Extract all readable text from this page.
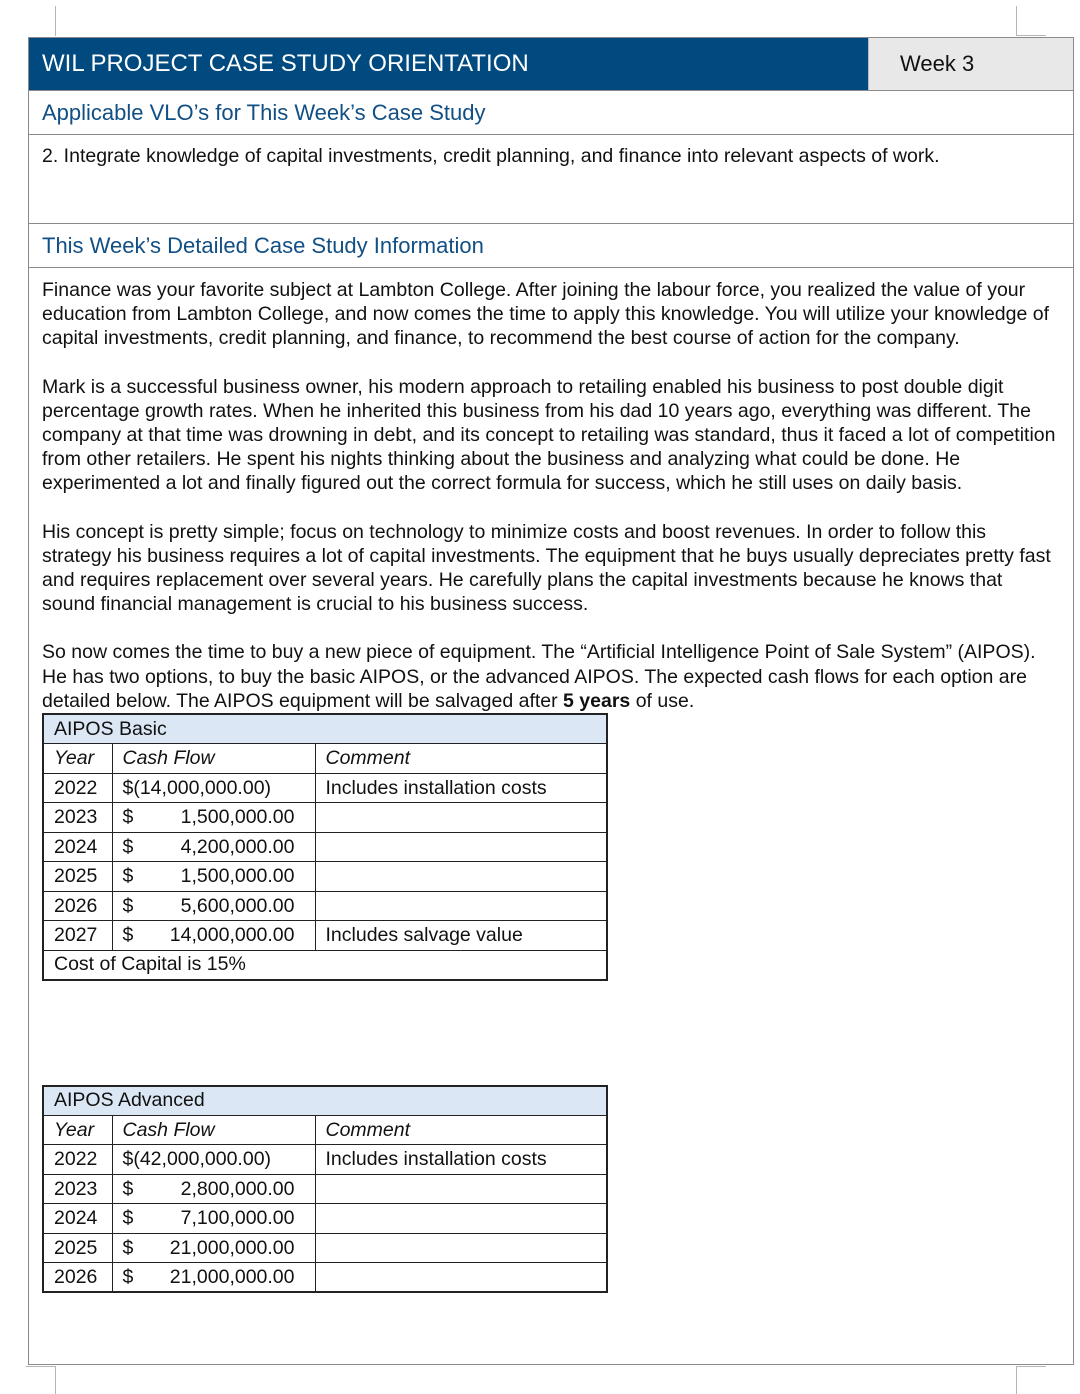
WIL PROJECT CASE STUDY ORIENTATION	Week 3
Applicable VLO’s for This Week’s Case Study
2. Integrate knowledge of capital investments, credit planning, and finance into relevant aspects of work.
This Week’s Detailed Case Study Information

Finance was your favorite subject at Lambton College. After joining the labour force, you realized the value of your education from Lambton College, and now comes the time to apply this knowledge. You will utilize your knowledge of capital investments, credit planning, and finance, to recommend the best course of action for the company.

Mark is a successful business owner, his modern approach to retailing enabled his business to post double digit percentage growth rates. When he inherited this business from his dad 10 years ago, everything was different. The company at that time was drowning in debt, and its concept to retailing was standard, thus it faced a lot of competition from other retailers. He spent his nights thinking about the business and analyzing what could be done. He experimented a lot and finally figured out the correct formula for success, which he still uses on daily basis.

His concept is pretty simple; focus on technology to minimize costs and boost revenues. In order to follow this strategy his business requires a lot of capital investments. The equipment that he buys usually depreciates pretty fast and requires replacement over several years. He carefully plans the capital investments because he knows that sound financial management is crucial to his business success.

So now comes the time to buy a new piece of equipment. The “Artificial Intelligence Point of Sale System” (AIPOS). He has two options, to buy the basic AIPOS, or the advanced AIPOS. The expected cash flows for each option are detailed below. The AIPOS equipment will be salvaged after 5 years of use.

AIPOS Basic		
Year	Cash Flow	Comment
2022	$(14,000,000.00)	Includes installation costs
2023	$ 1,500,000.00	

2024	$ 4,200,000.00	

2025	$ 1,500,000.00	

2026	$ 5,600,000.00	

2027	$ 14,000,000.00	Includes salvage value
Cost of Capital is 15%		
AIPOS Advanced		
Year	Cash Flow	Comment
2022	$(42,000,000.00)	Includes installation costs
2023	$ 2,800,000.00	

2024	$ 7,100,000.00	

2025	$ 21,000,000.00	

2026	$ 21,000,000.00	
